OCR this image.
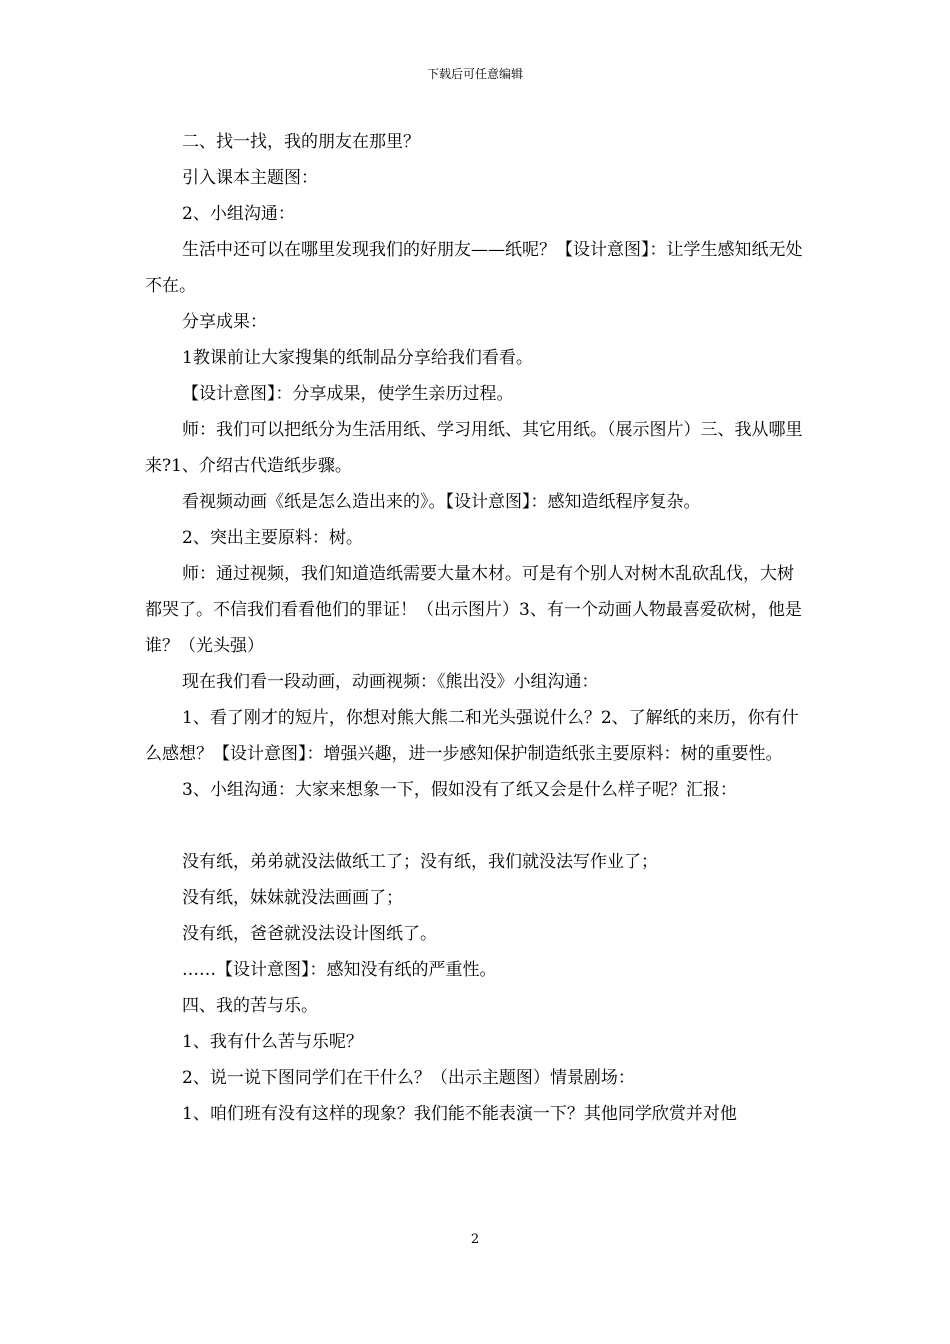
下载后可任意编辑

二、找一找，我的朋友在那里？

引入课本主题图：

2、小组沟通：

生活中还可以在哪里发现我们的好朋友——纸呢？【设计意图】：让学生感知纸无处不在。

分享成果：

1教课前让大家搜集的纸制品分享给我们看看。

【设计意图】：分享成果，使学生亲历过程。

师：我们可以把纸分为生活用纸、学习用纸、其它用纸。（展示图片）三、我从哪里来?1、介绍古代造纸步骤。

看视频动画《纸是怎么造出来的》。【设计意图】：感知造纸程序复杂。

2、突出主要原料：树。

师：通过视频，我们知道造纸需要大量木材。可是有个别人对树木乱砍乱伐，大树都哭了。不信我们看看他们的罪证！（出示图片）3、有一个动画人物最喜爱砍树，他是谁？（光头强）

现在我们看一段动画，动画视频：《熊出没》小组沟通：

1、看了刚才的短片，你想对熊大熊二和光头强说什么？2、了解纸的来历，你有什么感想？【设计意图】：增强兴趣，进一步感知保护制造纸张主要原料：树的重要性。

3、小组沟通：大家来想象一下，假如没有了纸又会是什么样子呢？汇报：

没有纸，弟弟就没法做纸工了；没有纸，我们就没法写作业了；

没有纸，妹妹就没法画画了；

没有纸，爸爸就没法设计图纸了。

……【设计意图】：感知没有纸的严重性。

四、我的苦与乐。

1、我有什么苦与乐呢？

2、说一说下图同学们在干什么？（出示主题图）情景剧场：

1、咱们班有没有这样的现象？我们能不能表演一下？其他同学欣赏并对他

2
